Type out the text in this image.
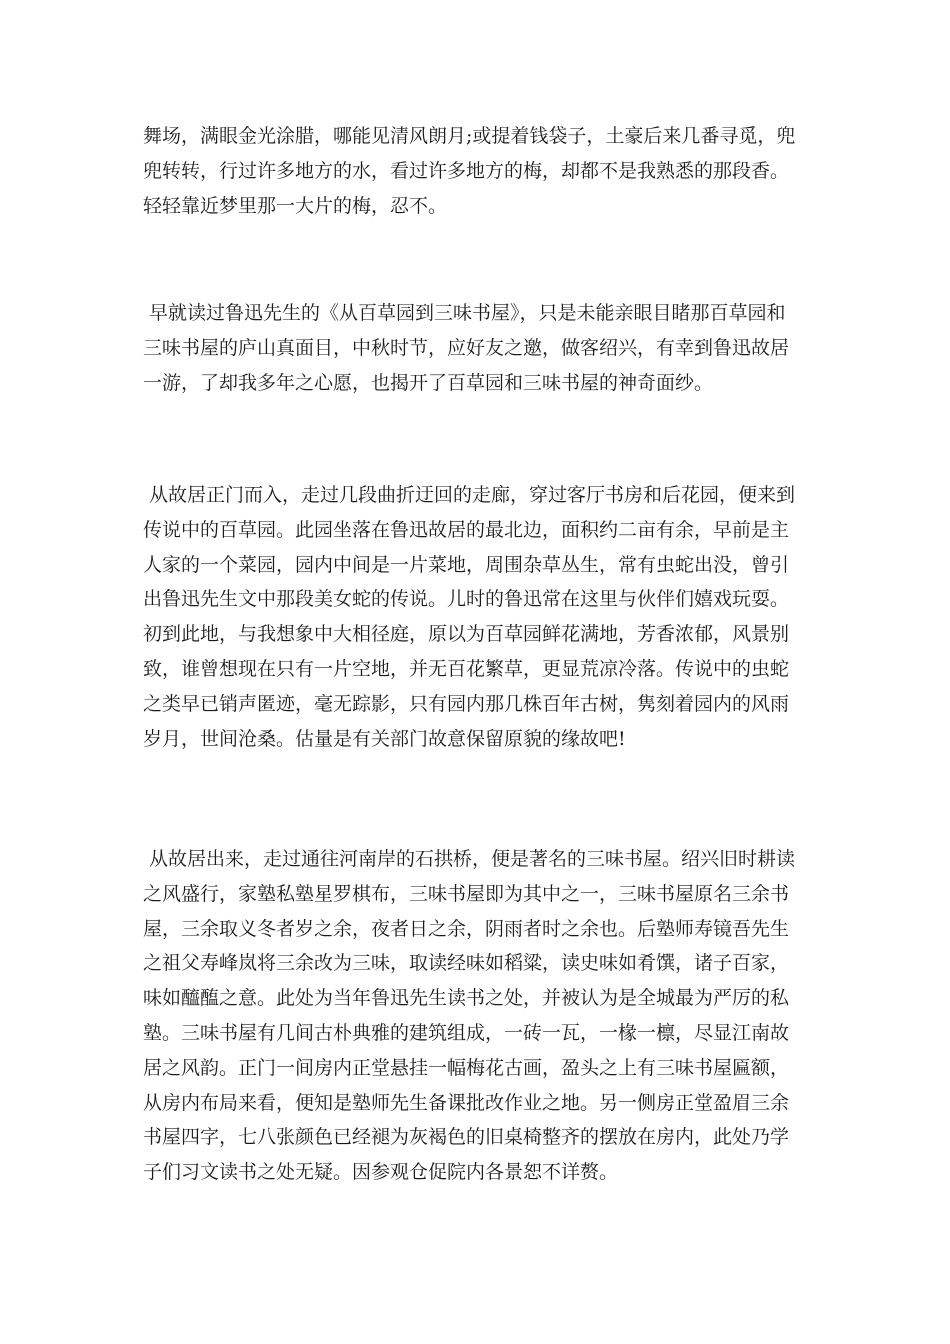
舞场，满眼金光涂腊，哪能见清风朗月;或提着钱袋子，土豪后来几番寻觅，兜
兜转转，行过许多地方的水，看过许多地方的梅，却都不是我熟悉的那段香。
轻轻靠近梦里那一大片的梅，忍不。
早就读过鲁迅先生的《从百草园到三味书屋》，只是未能亲眼目睹那百草园和
三味书屋的庐山真面目，中秋时节，应好友之邀，做客绍兴，有幸到鲁迅故居
一游，了却我多年之心愿，也揭开了百草园和三味书屋的神奇面纱。
从故居正门而入，走过几段曲折迂回的走廊，穿过客厅书房和后花园，便来到
传说中的百草园。此园坐落在鲁迅故居的最北边，面积约二亩有余，早前是主
人家的一个菜园，园内中间是一片菜地，周围杂草丛生，常有虫蛇出没，曾引
出鲁迅先生文中那段美女蛇的传说。儿时的鲁迅常在这里与伙伴们嬉戏玩耍。
初到此地，与我想象中大相径庭，原以为百草园鲜花满地，芳香浓郁，风景别
致，谁曾想现在只有一片空地，并无百花繁草，更显荒凉冷落。传说中的虫蛇
之类早已销声匿迹，毫无踪影，只有园内那几株百年古树，隽刻着园内的风雨
岁月，世间沧桑。估量是有关部门故意保留原貌的缘故吧!
从故居出来，走过通往河南岸的石拱桥，便是著名的三味书屋。绍兴旧时耕读
之风盛行，家塾私塾星罗棋布，三味书屋即为其中之一，三味书屋原名三余书
屋，三余取义冬者岁之余，夜者日之余，阴雨者时之余也。后塾师寿镜吾先生
之祖父寿峰岚将三余改为三味，取读经味如稻粱，读史味如肴馔，诸子百家，
味如醯醢之意。此处为当年鲁迅先生读书之处，并被认为是全城最为严厉的私
塾。三味书屋有几间古朴典雅的建筑组成，一砖一瓦，一椽一檩，尽显江南故
居之风韵。正门一间房内正堂悬挂一幅梅花古画，盈头之上有三味书屋匾额，
从房内布局来看，便知是塾师先生备课批改作业之地。另一侧房正堂盈眉三余
书屋四字，七八张颜色已经褪为灰褐色的旧桌椅整齐的摆放在房内，此处乃学
子们习文读书之处无疑。因参观仓促院内各景恕不详赘。
